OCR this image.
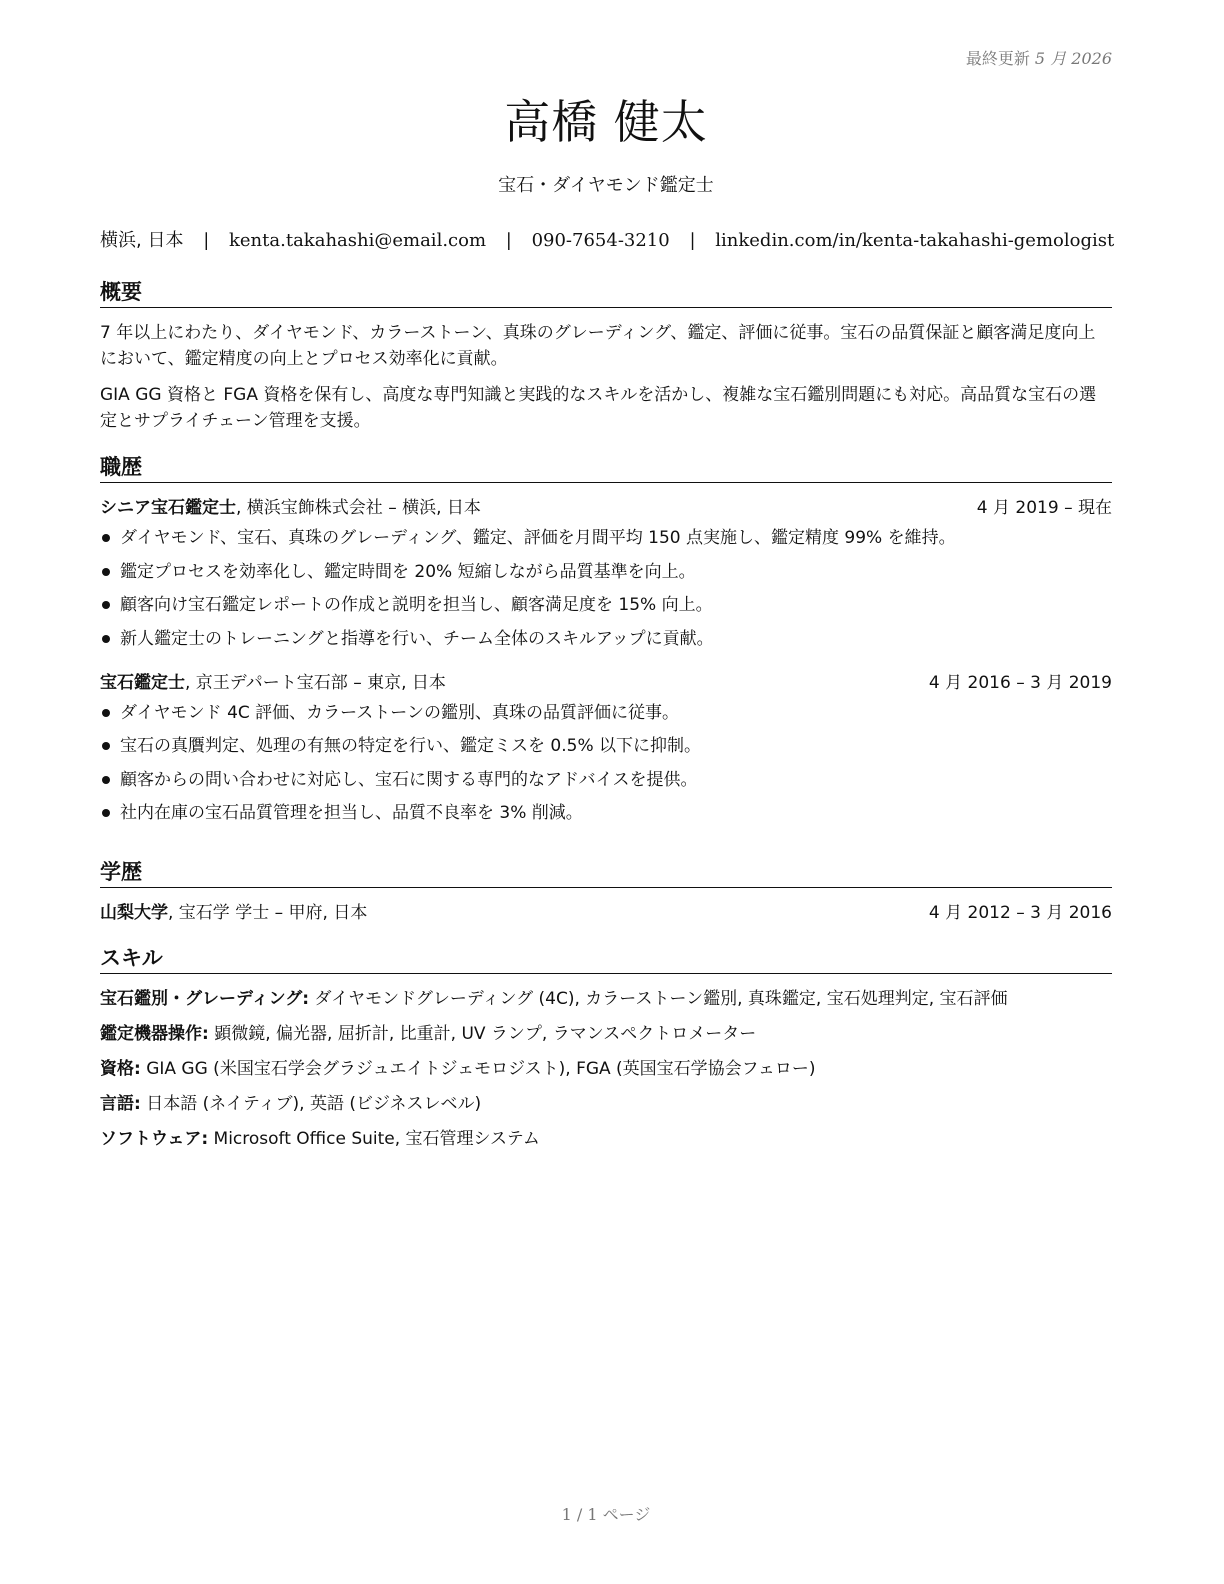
最終更新 5 月 2026
高橋 健太
宝石・ダイヤモンド鑑定士
横浜, 日本 | kenta.takahashi@email.com | 090-7654-3210 | linkedin.com/in/kenta-takahashi-gemologist
概要

7 年以上にわたり、ダイヤモンド、カラーストーン、真珠のグレーディング、鑑定、評価に従事。宝石の品質保証と顧客満足度向上において、鑑定精度の向上とプロセス効率化に貢献。

GIA GG 資格と FGA 資格を保有し、高度な専門知識と実践的なスキルを活かし、複雑な宝石鑑別問題にも対応。高品質な宝石の選定とサプライチェーン管理を支援。

職歴
シニア宝石鑑定士, 横浜宝飾株式会社 – 横浜, 日本	4 月 2019 – 現在
ダイヤモンド、宝石、真珠のグレーディング、鑑定、評価を月間平均 150 点実施し、鑑定精度 99% を維持。
鑑定プロセスを効率化し、鑑定時間を 20% 短縮しながら品質基準を向上。
顧客向け宝石鑑定レポートの作成と説明を担当し、顧客満足度を 15% 向上。
新人鑑定士のトレーニングと指導を行い、チーム全体のスキルアップに貢献。
宝石鑑定士, 京王デパート宝石部 – 東京, 日本	4 月 2016 – 3 月 2019
ダイヤモンド 4C 評価、カラーストーンの鑑別、真珠の品質評価に従事。
宝石の真贋判定、処理の有無の特定を行い、鑑定ミスを 0.5% 以下に抑制。
顧客からの問い合わせに対応し、宝石に関する専門的なアドバイスを提供。
社内在庫の宝石品質管理を担当し、品質不良率を 3% 削減。
学歴
山梨大学, 宝石学 学士 – 甲府, 日本	4 月 2012 – 3 月 2016
スキル

宝石鑑別・グレーディング: ダイヤモンドグレーディング (4C), カラーストーン鑑別, 真珠鑑定, 宝石処理判定, 宝石評価

鑑定機器操作: 顕微鏡, 偏光器, 屈折計, 比重計, UV ランプ, ラマンスペクトロメーター

資格: GIA GG (米国宝石学会グラジュエイトジェモロジスト), FGA (英国宝石学協会フェロー)

言語: 日本語 (ネイティブ), 英語 (ビジネスレベル)

ソフトウェア: Microsoft Office Suite, 宝石管理システム

1 / 1 ページ
